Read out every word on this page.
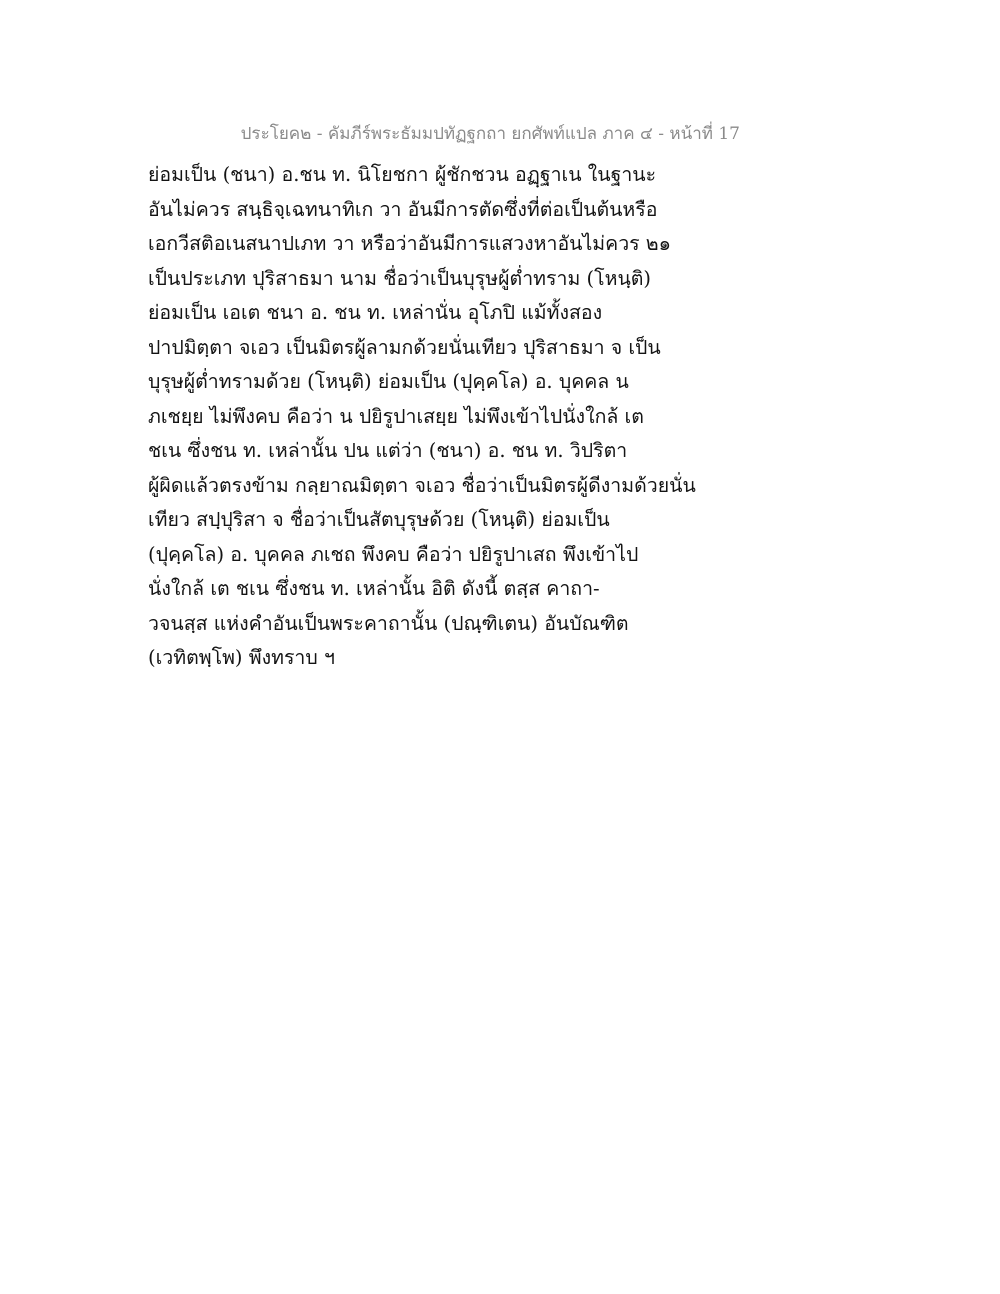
ประโยค๒ - คัมภีร์พระธัมมปทัฏฐกถา ยกศัพท์แปล ภาค ๔ - หน้าที่ 17
ย่อมเป็น (ชนา) อ.ชน ท. นิโยชกา ผู้ชักชวน อฏฺฐาเน ในฐานะ
อันไม่ควร สนฺธิจฺเฉทนาทิเก วา อันมีการตัดซึ่งที่ต่อเป็นต้นหรือ
เอกวีสติอเนสนาปเภท วา หรือว่าอันมีการแสวงหาอันไม่ควร ๒๑
เป็นประเภท ปุริสาธมา นาม ชื่อว่าเป็นบุรุษผู้ต่ำทราม (โหนฺติ)
ย่อมเป็น เอเต ชนา อ. ชน ท. เหล่านั่น อุโภปิ แม้ทั้งสอง
ปาปมิตฺตา จเอว เป็นมิตรผู้ลามกด้วยนั่นเทียว ปุริสาธมา จ เป็น
บุรุษผู้ต่ำทรามด้วย (โหนฺติ) ย่อมเป็น (ปุคฺคโล) อ. บุคคล น
ภเชยฺย ไม่พึงคบ คือว่า น ปยิรูปาเสยฺย ไม่พึงเข้าไปนั่งใกล้ เต
ชเน ซึ่งชน ท. เหล่านั้น ปน แต่ว่า (ชนา) อ. ชน ท. วิปริตา
ผู้ผิดแล้วตรงข้าม กลฺยาณมิตฺตา จเอว ชื่อว่าเป็นมิตรผู้ดีงามด้วยนั่น
เทียว สปฺปุริสา จ ชื่อว่าเป็นสัตบุรุษด้วย (โหนฺติ) ย่อมเป็น
(ปุคฺคโล) อ. บุคคล ภเชถ พึงคบ คือว่า ปยิรูปาเสถ พึงเข้าไป
นั่งใกล้ เต ชเน ซึ่งชน ท. เหล่านั้น อิติ ดังนี้ ตสฺส คาถา-
วจนสฺส แห่งคำอันเป็นพระคาถานั้น (ปณฺฑิเตน) อันบัณฑิต
(เวทิตพฺโพ) พึงทราบ ฯ
